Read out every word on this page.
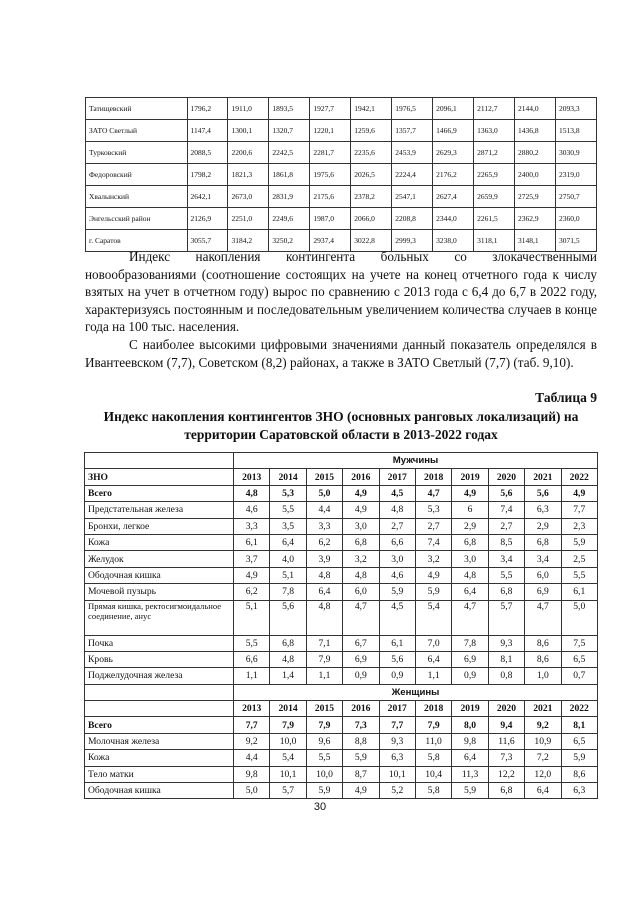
Татищевский	1796,2	1911,0	1893,5	1927,7	1942,1	1976,5	2096,1	2112,7	2144,0	2093,3
ЗАТО Светлый	1147,4	1300,1	1320,7	1220,1	1259,6	1357,7	1466,9	1363,0	1436,8	1513,8
Турковский	2088,5	2200,6	2242,5	2281,7	2235,6	2453,9	2629,3	2871,2	2880,2	3030,9
Федоровский	1798,2	1821,3	1861,8	1975,6	2026,5	2224,4	2176,2	2265,9	2400,0	2319,0
Хвалынский	2642,1	2673,0	2831,9	2175,6	2378,2	2547,1	2627,4	2659,9	2725,9	2750,7
Энгельсский район	2126,9	2251,0	2249,6	1987,0	2066,0	2208,8	2344,0	2261,5	2362,9	2360,0
г. Саратов	3055,7	3184,2	3250,2	2937,4	3022,8	2999,3	3238,0	3118,1	3148,1	3071,5

Индекс накопления контингента больных со злокачественными новообразованиями (соотношение состоящих на учете на конец отчетного года к числу взятых на учет в отчетном году) вырос по сравнению с 2013 года с 6,4 до 6,7 в 2022 году, характеризуясь постоянным и последовательным увеличением количества случаев в конце года на 100 тыс. населения.

С наиболее высокими цифровыми значениями данный показатель определялся в Ивантеевском (7,7), Советском (8,2) районах, а также в ЗАТО Светлый (7,7) (таб. 9,10).

Таблица 9

Индекс накопления контингентов ЗНО (основных ранговых локализаций) на территории Саратовской области в 2013-2022 годах

	Мужчины									
ЗНО	2013	2014	2015	2016	2017	2018	2019	2020	2021	2022
Всего	4,8	5,3	5,0	4,9	4,5	4,7	4,9	5,6	5,6	4,9
Предстательная железа	4,6	5,5	4,4	4,9	4,8	5,3	6	7,4	6,3	7,7
Бронхи, легкое	3,3	3,5	3,3	3,0	2,7	2,7	2,9	2,7	2,9	2,3
Кожа	6,1	6,4	6,2	6,8	6,6	7,4	6,8	8,5	6,8	5,9
Желудок	3,7	4,0	3,9	3,2	3,0	3,2	3,0	3,4	3,4	2,5
Ободочная кишка	4,9	5,1	4,8	4,8	4,6	4,9	4,8	5,5	6,0	5,5
Мочевой пузырь	6,2	7,8	6,4	6,0	5,9	5,9	6,4	6,8	6,9	6,1
Прямая кишка, ректосигмоидальное соединение, анус	5,1	5,6	4,8	4,7	4,5	5,4	4,7	5,7	4,7	5,0
Почка	5,5	6,8	7,1	6,7	6,1	7,0	7,8	9,3	8,6	7,5
Кровь	6,6	4,8	7,9	6,9	5,6	6,4	6,9	8,1	8,6	6,5
Поджелудочная железа	1,1	1,4	1,1	0,9	0,9	1,1	0,9	0,8	1,0	0,7
	Женщины									
	2013	2014	2015	2016	2017	2018	2019	2020	2021	2022
Всего	7,7	7,9	7,9	7,3	7,7	7,9	8,0	9,4	9,2	8,1
Молочная железа	9,2	10,0	9,6	8,8	9,3	11,0	9,8	11,6	10,9	6,5
Кожа	4,4	5,4	5,5	5,9	6,3	5,8	6,4	7,3	7,2	5,9
Тело матки	9,8	10,1	10,0	8,7	10,1	10,4	11,3	12,2	12,0	8,6
Ободочная кишка	5,0	5,7	5,9	4,9	5,2	5,8	5,9	6,8	6,4	6,3
30
